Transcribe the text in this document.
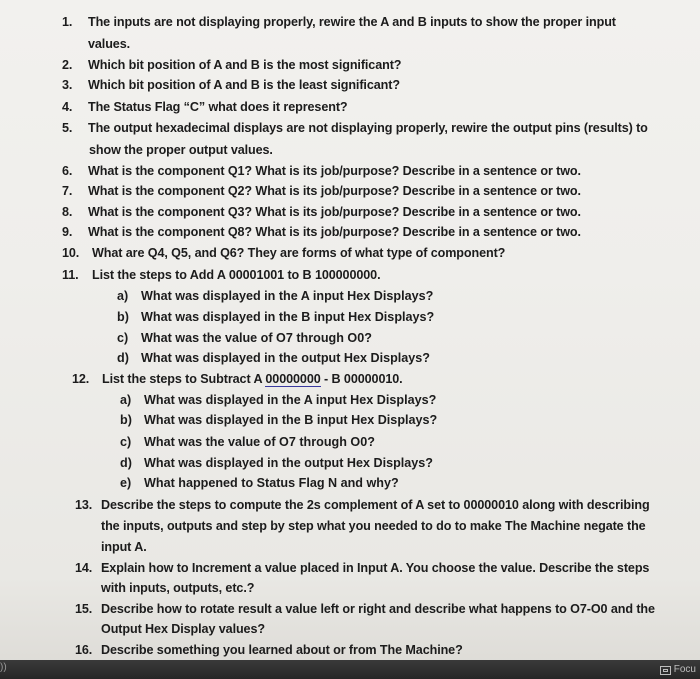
1. The inputs are not displaying properly, rewire the A and B inputs to show the proper input
values.
2. Which bit position of A and B is the most significant?
3. Which bit position of A and B is the least significant?
4. The Status Flag “C” what does it represent?
5. The output hexadecimal displays are not displaying properly, rewire the output pins (results) to
show the proper output values.
6. What is the component Q1? What is its job/purpose? Describe in a sentence or two.
7. What is the component Q2? What is its job/purpose? Describe in a sentence or two.
8. What is the component Q3? What is its job/purpose? Describe in a sentence or two.
9. What is the component Q8? What is its job/purpose? Describe in a sentence or two.
10. What are Q4, Q5, and Q6? They are forms of what type of component?
11. List the steps to Add A 00001001 to B 100000000.
a) What was displayed in the A input Hex Displays?
b) What was displayed in the B input Hex Displays?
c) What was the value of O7 through O0?
d) What was displayed in the output Hex Displays?
12. List the steps to Subtract A 00000000 - B 00000010.
a) What was displayed in the A input Hex Displays?
b) What was displayed in the B input Hex Displays?
c) What was the value of O7 through O0?
d) What was displayed in the output Hex Displays?
e) What happened to Status Flag N and why?
13. Describe the steps to compute the 2s complement of A set to 00000010 along with describing
the inputs, outputs and step by step what you needed to do to make The Machine negate the
input A.
14. Explain how to Increment a value placed in Input A. You choose the value. Describe the steps
with inputs, outputs, etc.?
15. Describe how to rotate result a value left or right and describe what happens to O7-O0 and the
Output Hex Display values?
16. Describe something you learned about or from The Machine?
))	Focu
